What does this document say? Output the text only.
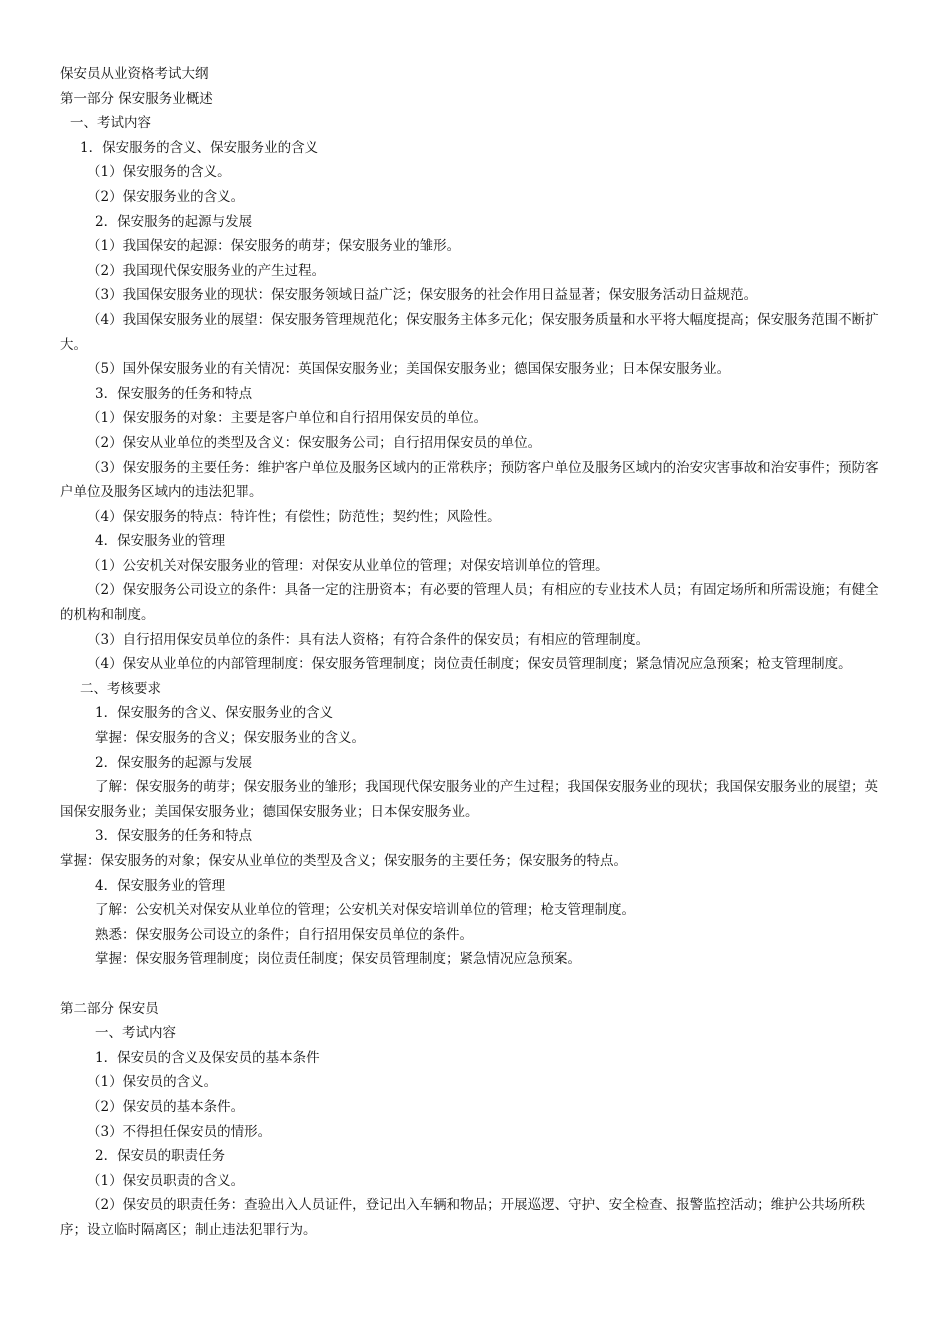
保安员从业资格考试大纲
第一部分 保安服务业概述
一、考试内容
1．保安服务的含义、保安服务业的含义
（1）保安服务的含义。
（2）保安服务业的含义。
2．保安服务的起源与发展
（1）我国保安的起源：保安服务的萌芽；保安服务业的雏形。
（2）我国现代保安服务业的产生过程。
（3）我国保安服务业的现状：保安服务领域日益广泛；保安服务的社会作用日益显著；保安服务活动日益规范。
（4）我国保安服务业的展望：保安服务管理规范化；保安服务主体多元化；保安服务质量和水平将大幅度提高；保安服务范围不断扩大。
（5）国外保安服务业的有关情况：英国保安服务业；美国保安服务业；德国保安服务业；日本保安服务业。
3．保安服务的任务和特点
（1）保安服务的对象：主要是客户单位和自行招用保安员的单位。
（2）保安从业单位的类型及含义：保安服务公司；自行招用保安员的单位。
（3）保安服务的主要任务：维护客户单位及服务区域内的正常秩序；预防客户单位及服务区域内的治安灾害事故和治安事件；预防客户单位及服务区域内的违法犯罪。
（4）保安服务的特点：特许性；有偿性；防范性；契约性；风险性。
4．保安服务业的管理
（1）公安机关对保安服务业的管理：对保安从业单位的管理；对保安培训单位的管理。
（2）保安服务公司设立的条件：具备一定的注册资本；有必要的管理人员；有相应的专业技术人员；有固定场所和所需设施；有健全的机构和制度。
（3）自行招用保安员单位的条件：具有法人资格；有符合条件的保安员；有相应的管理制度。
（4）保安从业单位的内部管理制度：保安服务管理制度；岗位责任制度；保安员管理制度；紧急情况应急预案；枪支管理制度。
二、考核要求
1．保安服务的含义、保安服务业的含义
掌握：保安服务的含义；保安服务业的含义。
2．保安服务的起源与发展
了解：保安服务的萌芽；保安服务业的雏形；我国现代保安服务业的产生过程；我国保安服务业的现状；我国保安服务业的展望；英国保安服务业；美国保安服务业；德国保安服务业；日本保安服务业。
3．保安服务的任务和特点
掌握：保安服务的对象；保安从业单位的类型及含义；保安服务的主要任务；保安服务的特点。
4．保安服务业的管理
了解：公安机关对保安从业单位的管理；公安机关对保安培训单位的管理；枪支管理制度。
熟悉：保安服务公司设立的条件；自行招用保安员单位的条件。
掌握：保安服务管理制度；岗位责任制度；保安员管理制度；紧急情况应急预案。
第二部分 保安员
一、考试内容
1．保安员的含义及保安员的基本条件
（1）保安员的含义。
（2）保安员的基本条件。
（3）不得担任保安员的情形。
2．保安员的职责任务
（1）保安员职责的含义。
（2）保安员的职责任务：查验出入人员证件，登记出入车辆和物品；开展巡逻、守护、安全检查、报警监控活动；维护公共场所秩序；设立临时隔离区；制止违法犯罪行为。
